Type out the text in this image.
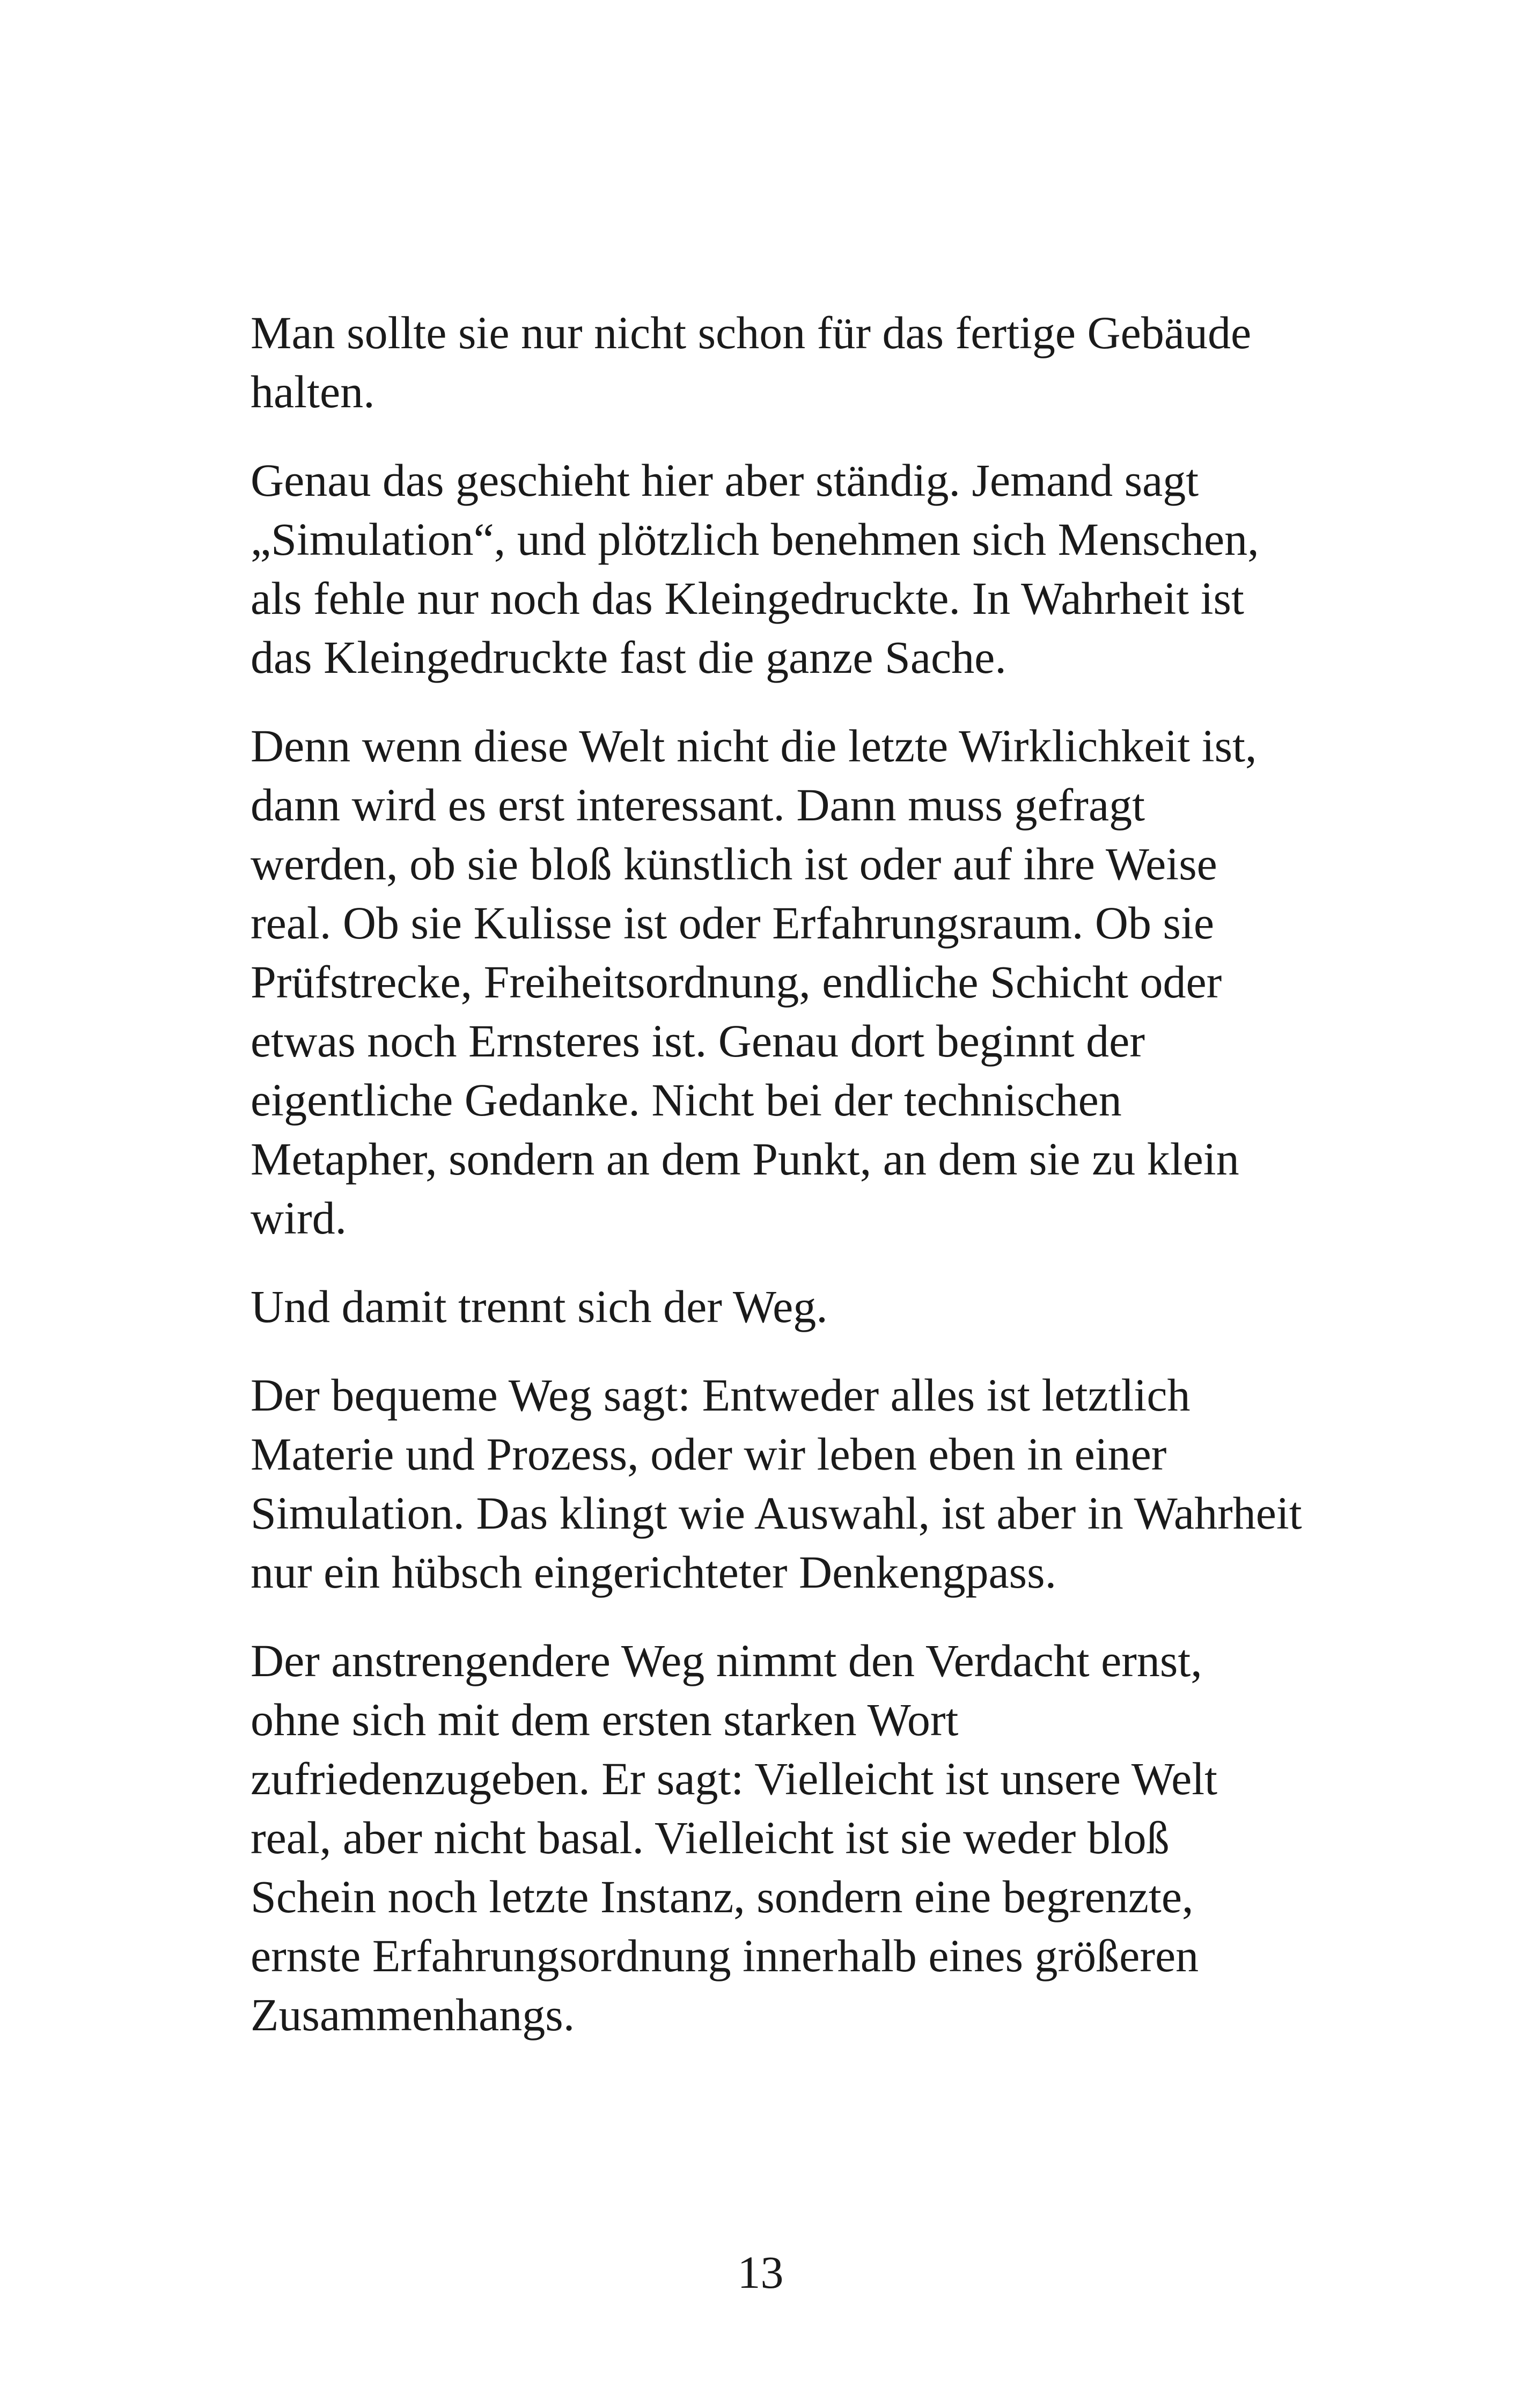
Man sollte sie nur nicht schon für das fertige Gebäude halten.

Genau das geschieht hier aber ständig. Jemand sagt „Simulation“, und plötzlich benehmen sich Menschen, als fehle nur noch das Kleingedruckte. In Wahrheit ist das Kleingedruckte fast die ganze Sache.

Denn wenn diese Welt nicht die letzte Wirklichkeit ist, dann wird es erst interessant. Dann muss gefragt werden, ob sie bloß künstlich ist oder auf ihre Weise real. Ob sie Kulisse ist oder Erfahrungsraum. Ob sie Prüfstrecke, Freiheitsordnung, endliche Schicht oder etwas noch Ernsteres ist. Genau dort beginnt der eigentliche Gedanke. Nicht bei der technischen Metapher, sondern an dem Punkt, an dem sie zu klein wird.

Und damit trennt sich der Weg.

Der bequeme Weg sagt: Entweder alles ist letztlich Materie und Prozess, oder wir leben eben in einer Simulation. Das klingt wie Auswahl, ist aber in Wahrheit nur ein hübsch eingerichteter Denkengpass.

Der anstrengendere Weg nimmt den Verdacht ernst, ohne sich mit dem ersten starken Wort zufriedenzugeben. Er sagt: Vielleicht ist unsere Welt real, aber nicht basal. Vielleicht ist sie weder bloß Schein noch letzte Instanz, sondern eine begrenzte, ernste Erfahrungsordnung innerhalb eines größeren Zusammenhangs.

13
